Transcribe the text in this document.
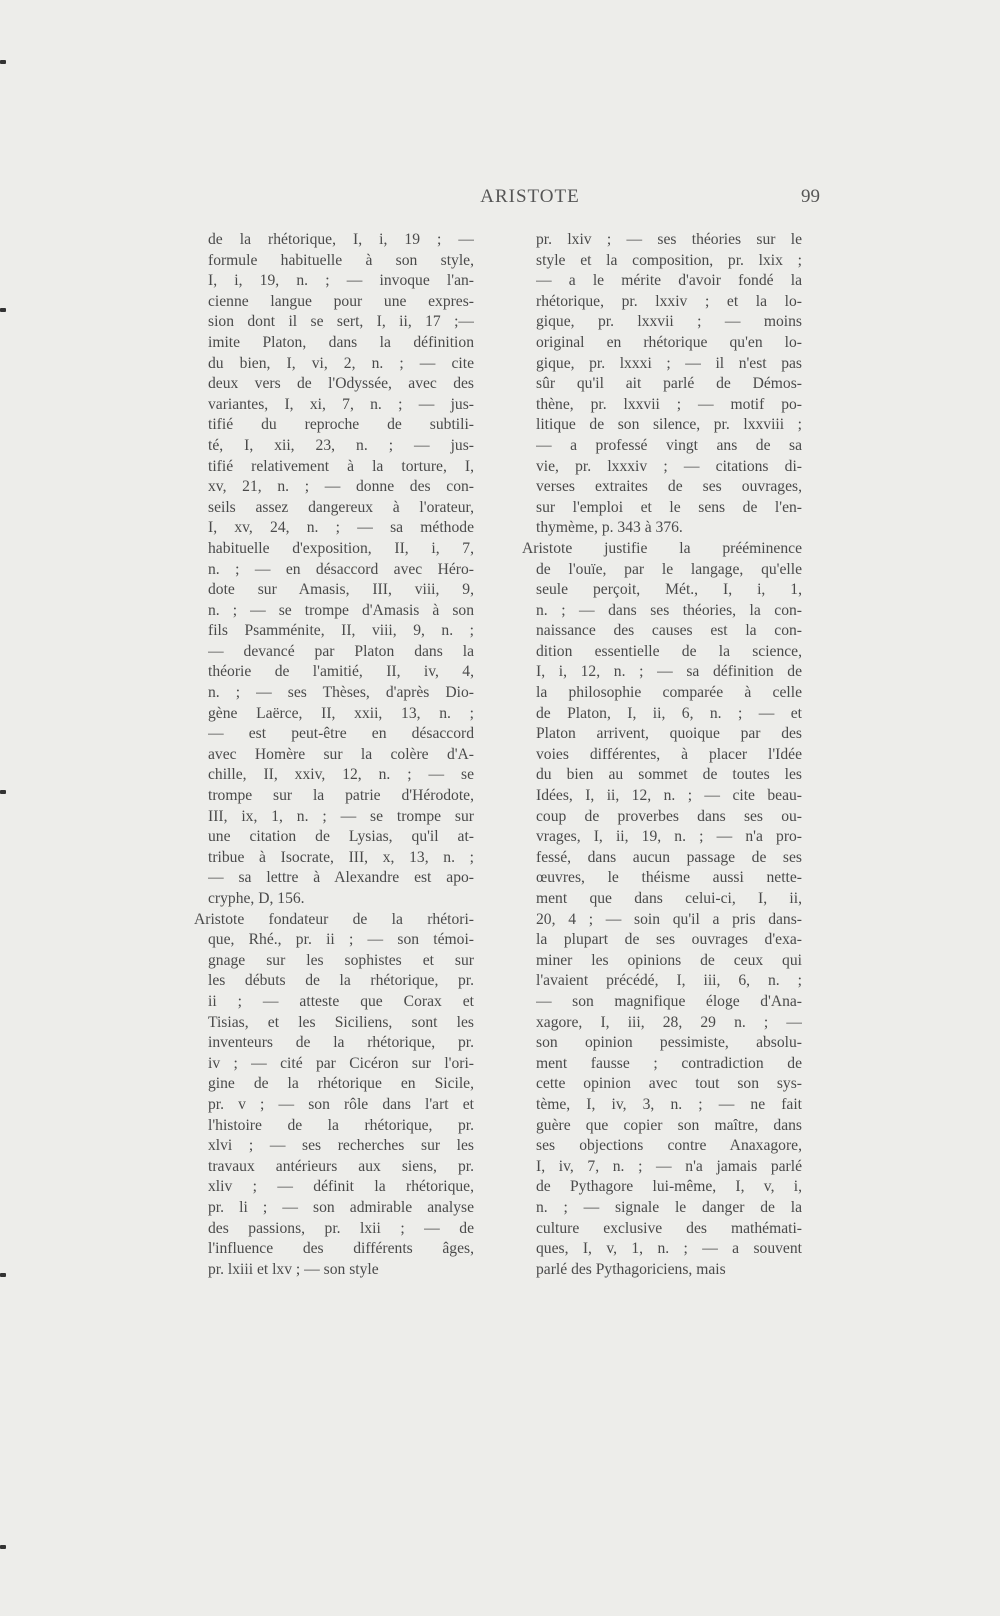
ARISTOTE	99
de la rhétorique, I, i, 19 ; —
formule habituelle à son style,
I, i, 19, n. ; — invoque l'an-
cienne langue pour une expres-
sion dont il se sert, I, ii, 17 ;—
imite Platon, dans la définition
du bien, I, vi, 2, n. ; — cite
deux vers de l'Odyssée, avec des
variantes, I, xi, 7, n. ; — jus-
tifié du reproche de subtili-
té, I, xii, 23, n. ; — jus-
tifié relativement à la torture, I,
xv, 21, n. ; — donne des con-
seils assez dangereux à l'orateur,
I, xv, 24, n. ; — sa méthode
habituelle d'exposition, II, i, 7,
n. ; — en désaccord avec Héro-
dote sur Amasis, III, viii, 9,
n. ; — se trompe d'Amasis à son
fils Psamménite, II, viii, 9, n. ;
— devancé par Platon dans la
théorie de l'amitié, II, iv, 4,
n. ; — ses Thèses, d'après Dio-
gène Laërce, II, xxii, 13, n. ;
— est peut-être en désaccord
avec Homère sur la colère d'A-
chille, II, xxiv, 12, n. ; — se
trompe sur la patrie d'Hérodote,
III, ix, 1, n. ; — se trompe sur
une citation de Lysias, qu'il at-
tribue à Isocrate, III, x, 13, n. ;
— sa lettre à Alexandre est apo-
cryphe, D, 156.
Aristote fondateur de la rhétori-
que, Rhé., pr. ii ; — son témoi-
gnage sur les sophistes et sur
les débuts de la rhétorique, pr.
ii ; — atteste que Corax et
Tisias, et les Siciliens, sont les
inventeurs de la rhétorique, pr.
iv ; — cité par Cicéron sur l'ori-
gine de la rhétorique en Sicile,
pr. v ; — son rôle dans l'art et
l'histoire de la rhétorique, pr.
xlvi ; — ses recherches sur les
travaux antérieurs aux siens, pr.
xliv ; — définit la rhétorique,
pr. li ; — son admirable analyse
des passions, pr. lxii ; — de
l'influence des différents âges,
pr. lxiii et lxv ; — son style
pr. lxiv ; — ses théories sur le
style et la composition, pr. lxix ;
— a le mérite d'avoir fondé la
rhétorique, pr. lxxiv ; et la lo-
gique, pr. lxxvii ; — moins
original en rhétorique qu'en lo-
gique, pr. lxxxi ; — il n'est pas
sûr qu'il ait parlé de Démos-
thène, pr. lxxvii ; — motif po-
litique de son silence, pr. lxxviii ;
— a professé vingt ans de sa
vie, pr. lxxxiv ; — citations di-
verses extraites de ses ouvrages,
sur l'emploi et le sens de l'en-
thymème, p. 343 à 376.
Aristote justifie la prééminence
de l'ouïe, par le langage, qu'elle
seule perçoit, Mét., I, i, 1,
n. ; — dans ses théories, la con-
naissance des causes est la con-
dition essentielle de la science,
I, i, 12, n. ; — sa définition de
la philosophie comparée à celle
de Platon, I, ii, 6, n. ; — et
Platon arrivent, quoique par des
voies différentes, à placer l'Idée
du bien au sommet de toutes les
Idées, I, ii, 12, n. ; — cite beau-
coup de proverbes dans ses ou-
vrages, I, ii, 19, n. ; — n'a pro-
fessé, dans aucun passage de ses
œuvres, le théisme aussi nette-
ment que dans celui-ci, I, ii,
20, 4 ; — soin qu'il a pris dans-
la plupart de ses ouvrages d'exa-
miner les opinions de ceux qui
l'avaient précédé, I, iii, 6, n. ;
— son magnifique éloge d'Ana-
xagore, I, iii, 28, 29 n. ; —
son opinion pessimiste, absolu-
ment fausse ; contradiction de
cette opinion avec tout son sys-
tème, I, iv, 3, n. ; — ne fait
guère que copier son maître, dans
ses objections contre Anaxagore,
I, iv, 7, n. ; — n'a jamais parlé
de Pythagore lui-même, I, v, i,
n. ; — signale le danger de la
culture exclusive des mathémati-
ques, I, v, 1, n. ; — a souvent
parlé des Pythagoriciens, mais
